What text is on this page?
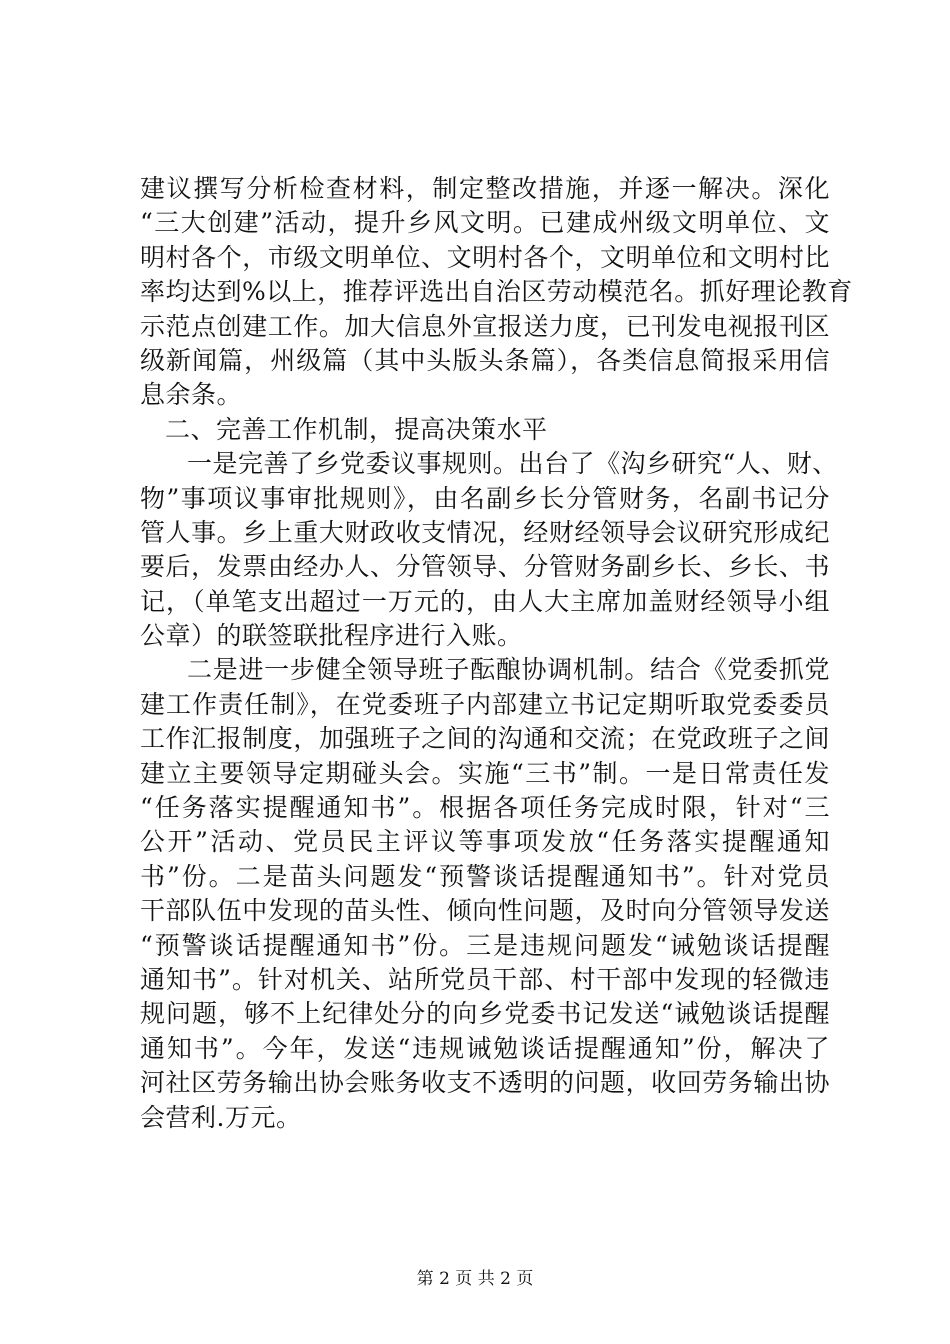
建议撰写分析检查材料，制定整改措施，并逐一解决。深化
“三大创建”活动，提升乡风文明。已建成州级文明单位、文
明村各个，市级文明单位、文明村各个，文明单位和文明村比
率均达到%以上，推荐评选出自治区劳动模范名。抓好理论教育
示范点创建工作。加大信息外宣报送力度，已刊发电视报刊区
级新闻篇，州级篇（其中头版头条篇），各类信息简报采用信
息余条。
二、完善工作机制，提高决策水平
一是完善了乡党委议事规则。出台了《沟乡研究“人、财、
物”事项议事审批规则》，由名副乡长分管财务，名副书记分
管人事。乡上重大财政收支情况，经财经领导会议研究形成纪
要后，发票由经办人、分管领导、分管财务副乡长、乡长、书
记，（单笔支出超过一万元的，由人大主席加盖财经领导小组
公章）的联签联批程序进行入账。
二是进一步健全领导班子酝酿协调机制。结合《党委抓党
建工作责任制》，在党委班子内部建立书记定期听取党委委员
工作汇报制度，加强班子之间的沟通和交流；在党政班子之间
建立主要领导定期碰头会。实施“三书”制。一是日常责任发
“任务落实提醒通知书”。根据各项任务完成时限，针对“三
公开”活动、党员民主评议等事项发放“任务落实提醒通知
书”份。二是苗头问题发“预警谈话提醒通知书”。针对党员
干部队伍中发现的苗头性、倾向性问题，及时向分管领导发送
“预警谈话提醒通知书”份。三是违规问题发“诫勉谈话提醒
通知书”。针对机关、站所党员干部、村干部中发现的轻微违
规问题，够不上纪律处分的向乡党委书记发送“诫勉谈话提醒
通知书”。今年，发送“违规诫勉谈话提醒通知”份，解决了
河社区劳务输出协会账务收支不透明的问题，收回劳务输出协
会营利.万元。
第 2 页 共 2 页
